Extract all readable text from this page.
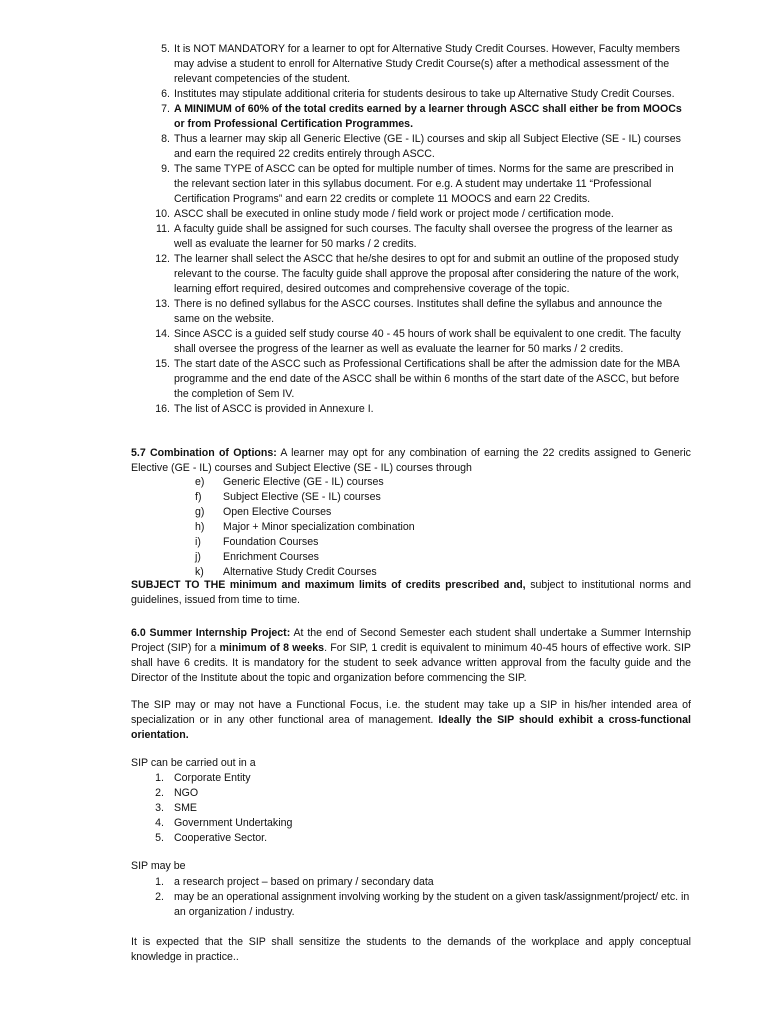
5. It is NOT MANDATORY for a learner to opt for Alternative Study Credit Courses. However, Faculty members may advise a student to enroll for Alternative Study Credit Course(s) after a methodical assessment of the relevant competencies of the student.
6. Institutes may stipulate additional criteria for students desirous to take up Alternative Study Credit Courses.
7. A MINIMUM of 60% of the total credits earned by a learner through ASCC shall either be from MOOCs or from Professional Certification Programmes.
8. Thus a learner may skip all Generic Elective (GE - IL) courses and skip all Subject Elective (SE - IL) courses and earn the required 22 credits entirely through ASCC.
9. The same TYPE of ASCC can be opted for multiple number of times. Norms for the same are prescribed in the relevant section later in this syllabus document. For e.g. A student may undertake 11 “Professional Certification Programs” and earn 22 credits or complete 11 MOOCS and earn 22 Credits.
10. ASCC shall be executed in online study mode / field work or project mode / certification mode.
11. A faculty guide shall be assigned for such courses. The faculty shall oversee the progress of the learner as well as evaluate the learner for 50 marks / 2 credits.
12. The learner shall select the ASCC that he/she desires to opt for and submit an outline of the proposed study relevant to the course. The faculty guide shall approve the proposal after considering the nature of the work, learning effort required, desired outcomes and comprehensive coverage of the topic.
13. There is no defined syllabus for the ASCC courses. Institutes shall define the syllabus and announce the same on the website.
14. Since ASCC is a guided self study course 40 - 45 hours of work shall be equivalent to one credit. The faculty shall oversee the progress of the learner as well as evaluate the learner for 50 marks / 2 credits.
15. The start date of the ASCC such as Professional Certifications shall be after the admission date for the MBA programme and the end date of the ASCC shall be within 6 months of the start date of the ASCC, but before the completion of Sem IV.
16. The list of ASCC is provided in Annexure I.

5.7 Combination of Options: A learner may opt for any combination of earning the 22 credits assigned to Generic Elective (GE - IL) courses and Subject Elective (SE - IL) courses through

e) Generic Elective (GE - IL) courses
f) Subject Elective (SE - IL) courses
g) Open Elective Courses
h) Major + Minor specialization combination
i) Foundation Courses
j) Enrichment Courses
k) Alternative Study Credit Courses

SUBJECT TO THE minimum and maximum limits of credits prescribed and, subject to institutional norms and guidelines, issued from time to time.

6.0 Summer Internship Project: At the end of Second Semester each student shall undertake a Summer Internship Project (SIP) for a minimum of 8 weeks. For SIP, 1 credit is equivalent to minimum 40-45 hours of effective work. SIP shall have 6 credits. It is mandatory for the student to seek advance written approval from the faculty guide and the Director of the Institute about the topic and organization before commencing the SIP.

The SIP may or may not have a Functional Focus, i.e. the student may take up a SIP in his/her intended area of specialization or in any other functional area of management. Ideally the SIP should exhibit a cross-functional orientation.

SIP can be carried out in a

1. Corporate Entity
2. NGO
3. SME
4. Government Undertaking
5. Cooperative Sector.

SIP may be

1. a research project – based on primary / secondary data
2. may be an operational assignment involving working by the student on a given task/assignment/project/ etc. in an organization / industry.

It is expected that the SIP shall sensitize the students to the demands of the workplace and apply conceptual knowledge in practice..
